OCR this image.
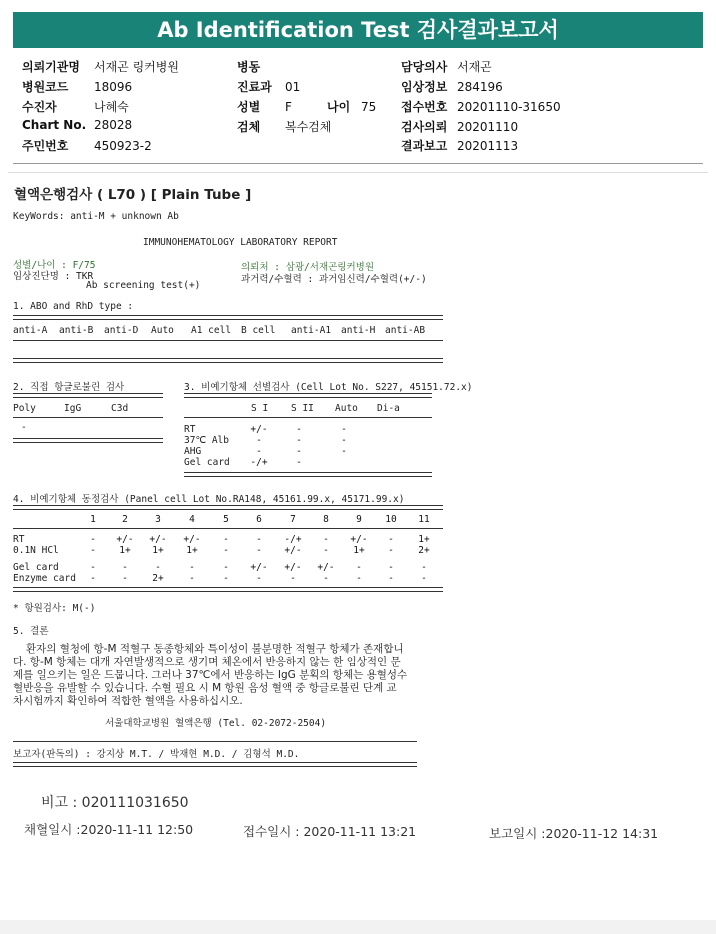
Ab Identification Test 검사결과보고서
의뢰기관명 서재곤 링커병원
병원코드 18096
수진자	나혜숙
Chart No. 28028
주민번호 450923-2
병동
진료과 01
성별 F
검체 복수검체
나이 75
담당의사 서재곤
임상정보 284196
접수번호 20201110-31650
검사의뢰 20201110
결과보고 20201113
혈액은행검사 ( L70 ) [ Plain Tube ]
KeyWords: anti-M + unknown Ab
IMMUNOHEMATOLOGY LABORATORY REPORT
성별/나이 : F/75
임상진단명 : TKR
Ab screening test(+)
의뢰처 : 삼광/서재곤링커병원
과거력/수혈력 : 과거임신력/수혈력(+/-)
1. ABO and RhD type :
anti-A anti-B anti-D Auto A1 cell B cell anti-A1 anti-H anti-AB
2. 직접 항글로불린 검사
Poly	IgG	C3d
-
3. 비예기항체 선별검사 (Cell Lot No. S227, 45151.72.x)
S I S II Auto Di-a
RT	+/-	-	-
37℃ Alb	-	-	-
AHG	-	-	-
Gel card	-/+	-
4. 비예기항체 동정검사 (Panel cell Lot No.RA148, 45161.99.x, 45171.99.x)
1	2	3	4	5	6	7	8	9	10	11
RT	-	+/-	+/-	+/-	-	-	-/+	-	+/-	-	1+
0.1N HCl	-	1+	1+	1+	-	-	+/-	-	1+	-	2+
Gel card	-	-	-	-	-	+/-	+/-	+/-	-	-	-
Enzyme card	-	-	2+	-	-	-	-	-	-	-	-
* 항원검사: M(-)
5. 결론
환자의 혈청에 항-M 적혈구 동종항체와 특이성이 불분명한 적혈구 항체가 존재합니
다. 항-M 항체는 대개 자연발생적으로 생기며 체온에서 반응하지 않는 한 임상적인 문
제를 일으키는 일은 드뭅니다. 그러나 37℃에서 반응하는 IgG 분획의 항체는 용혈성수
혈반응을 유발할 수 있습니다. 수혈 필요 시 M 항원 음성 혈액 중 항글로불린 단계 교
차시험까지 확인하여 적합한 혈액을 사용하십시오.
서울대학교병원 혈액은행 (Tel. 02-2072-2504)
보고자(판독의) : 강지상 M.T. / 박재현 M.D. / 김형석 M.D.
비고 : 020111031650
채혈일시 :2020-11-11 12:50	접수일시 : 2020-11-11 13:21	보고일시 :2020-11-12 14:31
